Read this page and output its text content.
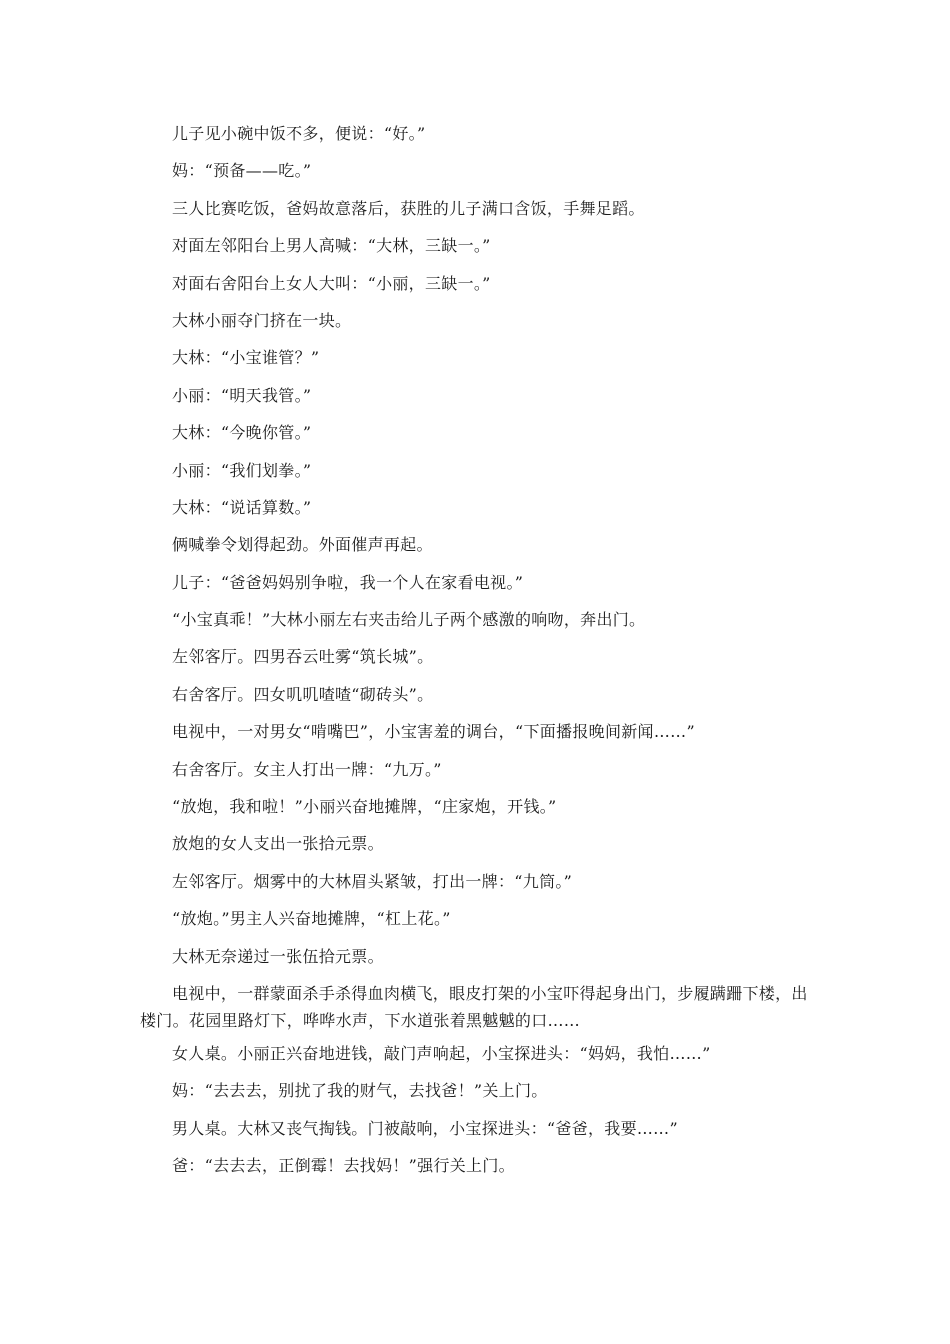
儿子见小碗中饭不多，便说：“好。”

妈：“预备——吃。”

三人比赛吃饭，爸妈故意落后，获胜的儿子满口含饭，手舞足蹈。

对面左邻阳台上男人高喊：“大林，三缺一。”

对面右舍阳台上女人大叫：“小丽，三缺一。”

大林小丽夺门挤在一块。

大林：“小宝谁管？”

小丽：“明天我管。”

大林：“今晚你管。”

小丽：“我们划拳。”

大林：“说话算数。”

俩喊拳令划得起劲。外面催声再起。

儿子：“爸爸妈妈别争啦，我一个人在家看电视。”

“小宝真乖！”大林小丽左右夹击给儿子两个感激的响吻，奔出门。

左邻客厅。四男吞云吐雾“筑长城”。

右舍客厅。四女叽叽喳喳“砌砖头”。

电视中，一对男女“啃嘴巴”，小宝害羞的调台，“下面播报晚间新闻……”

右舍客厅。女主人打出一牌：“九万。”

“放炮，我和啦！”小丽兴奋地摊牌，“庄家炮，开钱。”

放炮的女人支出一张拾元票。

左邻客厅。烟雾中的大林眉头紧皱，打出一牌：“九筒。”

“放炮。”男主人兴奋地摊牌，“杠上花。”

大林无奈递过一张伍拾元票。

电视中，一群蒙面杀手杀得血肉横飞，眼皮打架的小宝吓得起身出门，步履蹒跚下楼，出楼门。花园里路灯下，哗哗水声，下水道张着黑魆魆的口……

女人桌。小丽正兴奋地进钱，敲门声响起，小宝探进头：“妈妈，我怕……”

妈：“去去去，别扰了我的财气，去找爸！”关上门。

男人桌。大林又丧气掏钱。门被敲响，小宝探进头：“爸爸，我要……”

爸：“去去去，正倒霉！去找妈！”强行关上门。
